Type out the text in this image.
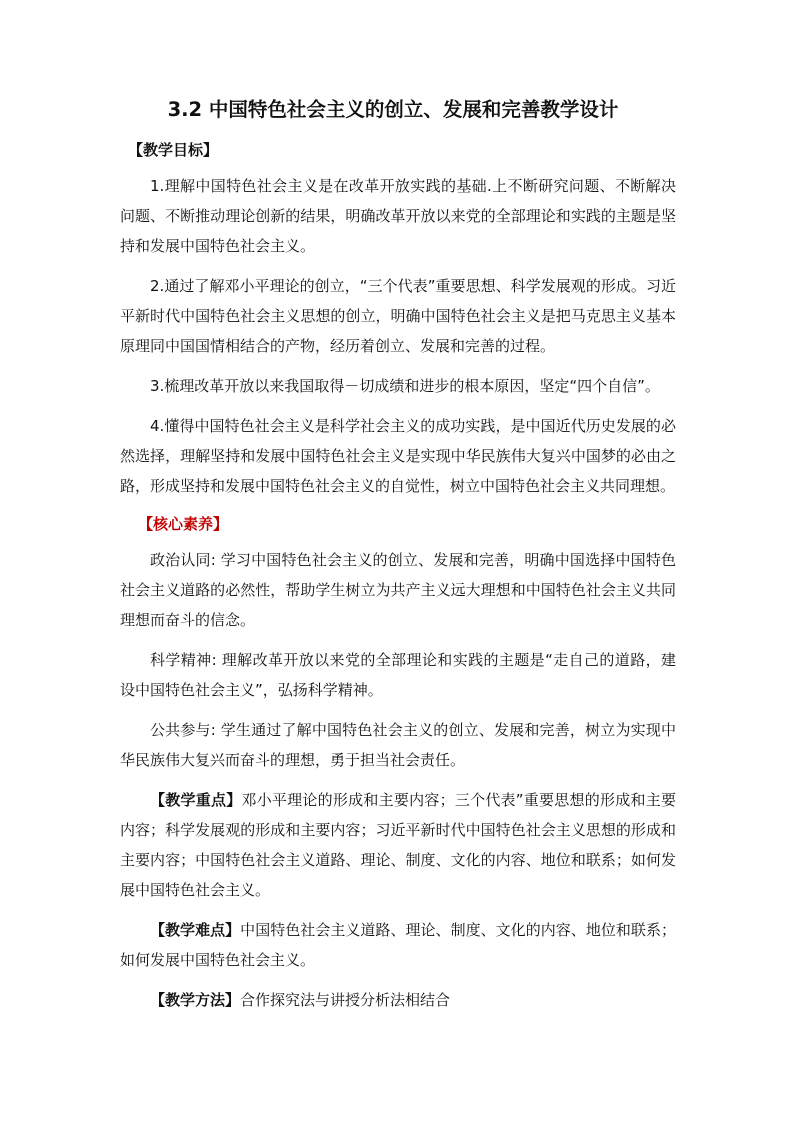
3.2 中国特色社会主义的创立、发展和完善教学设计
【教学目标】

1.理解中国特色社会主义是在改革开放实践的基础.上不断研究问题、不断解决问题、不断推动理论创新的结果，明确改革开放以来党的全部理论和实践的主题是坚持和发展中国特色社会主义。

2.通过了解邓小平理论的创立，“三个代表”重要思想、科学发展观的形成。习近平新时代中国特色社会主义思想的创立，明确中国特色社会主义是把马克思主义基本原理同中国国情相结合的产物，经历着创立、发展和完善的过程。

3.梳理改革开放以来我国取得－切成绩和进步的根本原因，坚定“四个自信”。

4.懂得中国特色社会主义是科学社会主义的成功实践，是中国近代历史发展的必然选择，理解坚持和发展中国特色社会主义是实现中华民族伟大复兴中国梦的必由之路，形成坚持和发展中国特色社会主义的自觉性，树立中国特色社会主义共同理想。

【核心素养】

政治认同: 学习中国特色社会主义的创立、发展和完善，明确中国选择中国特色社会主义道路的必然性，帮助学生树立为共产主义远大理想和中国特色社会主义共同理想而奋斗的信念。

科学精神: 理解改革开放以来党的全部理论和实践的主题是“走自己的道路，建设中国特色社会主义”，弘扬科学精神。

公共参与: 学生通过了解中国特色社会主义的创立、发展和完善，树立为实现中华民族伟大复兴而奋斗的理想，勇于担当社会责任。

【教学重点】邓小平理论的形成和主要内容；三个代表”重要思想的形成和主要内容；科学发展观的形成和主要内容；习近平新时代中国特色社会主义思想的形成和主要内容；中国特色社会主义道路、理论、制度、文化的内容、地位和联系；如何发展中国特色社会主义。

【教学难点】中国特色社会主义道路、理论、制度、文化的内容、地位和联系；如何发展中国特色社会主义。

【教学方法】合作探究法与讲授分析法相结合
